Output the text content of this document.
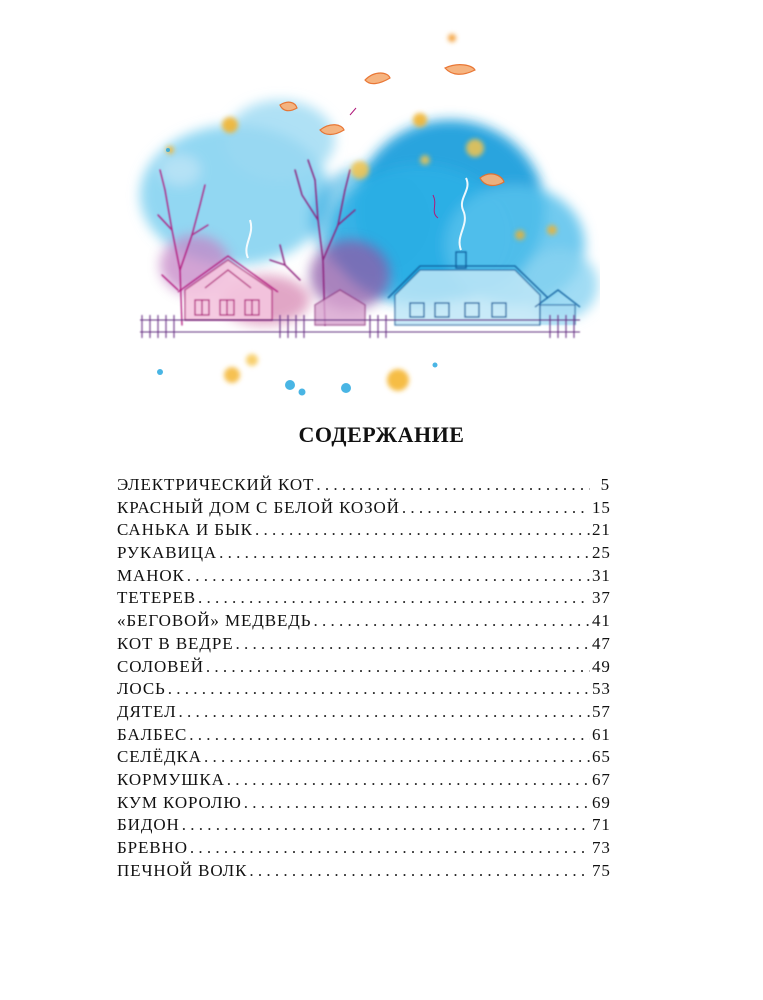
СОДЕРЖАНИЕ
ЭЛЕКТРИЧЕСКИЙ КОТ . . .	5
КРАСНЫЙ ДОМ С БЕЛОЙ КОЗОЙ . . .	15
САНЬКА И БЫК . . .	21
РУКАВИЦА . . .	25
МАНОК . . .	31
ТЕТЕРЕВ . . .	37
«БЕГОВОЙ» МЕДВЕДЬ . . .	41
КОТ В ВЕДРЕ . . .	47
СОЛОВЕЙ . . .	49
ЛОСЬ . . .	53
ДЯТЕЛ . . .	57
БАЛБЕС . . .	61
СЕЛЁДКА . . .	65
КОРМУШКА . . .	67
КУМ КОРОЛЮ . . .	69
БИДОН . . .	71
БРЕВНО . . .	73
ПЕЧНОЙ ВОЛК . . .	75
